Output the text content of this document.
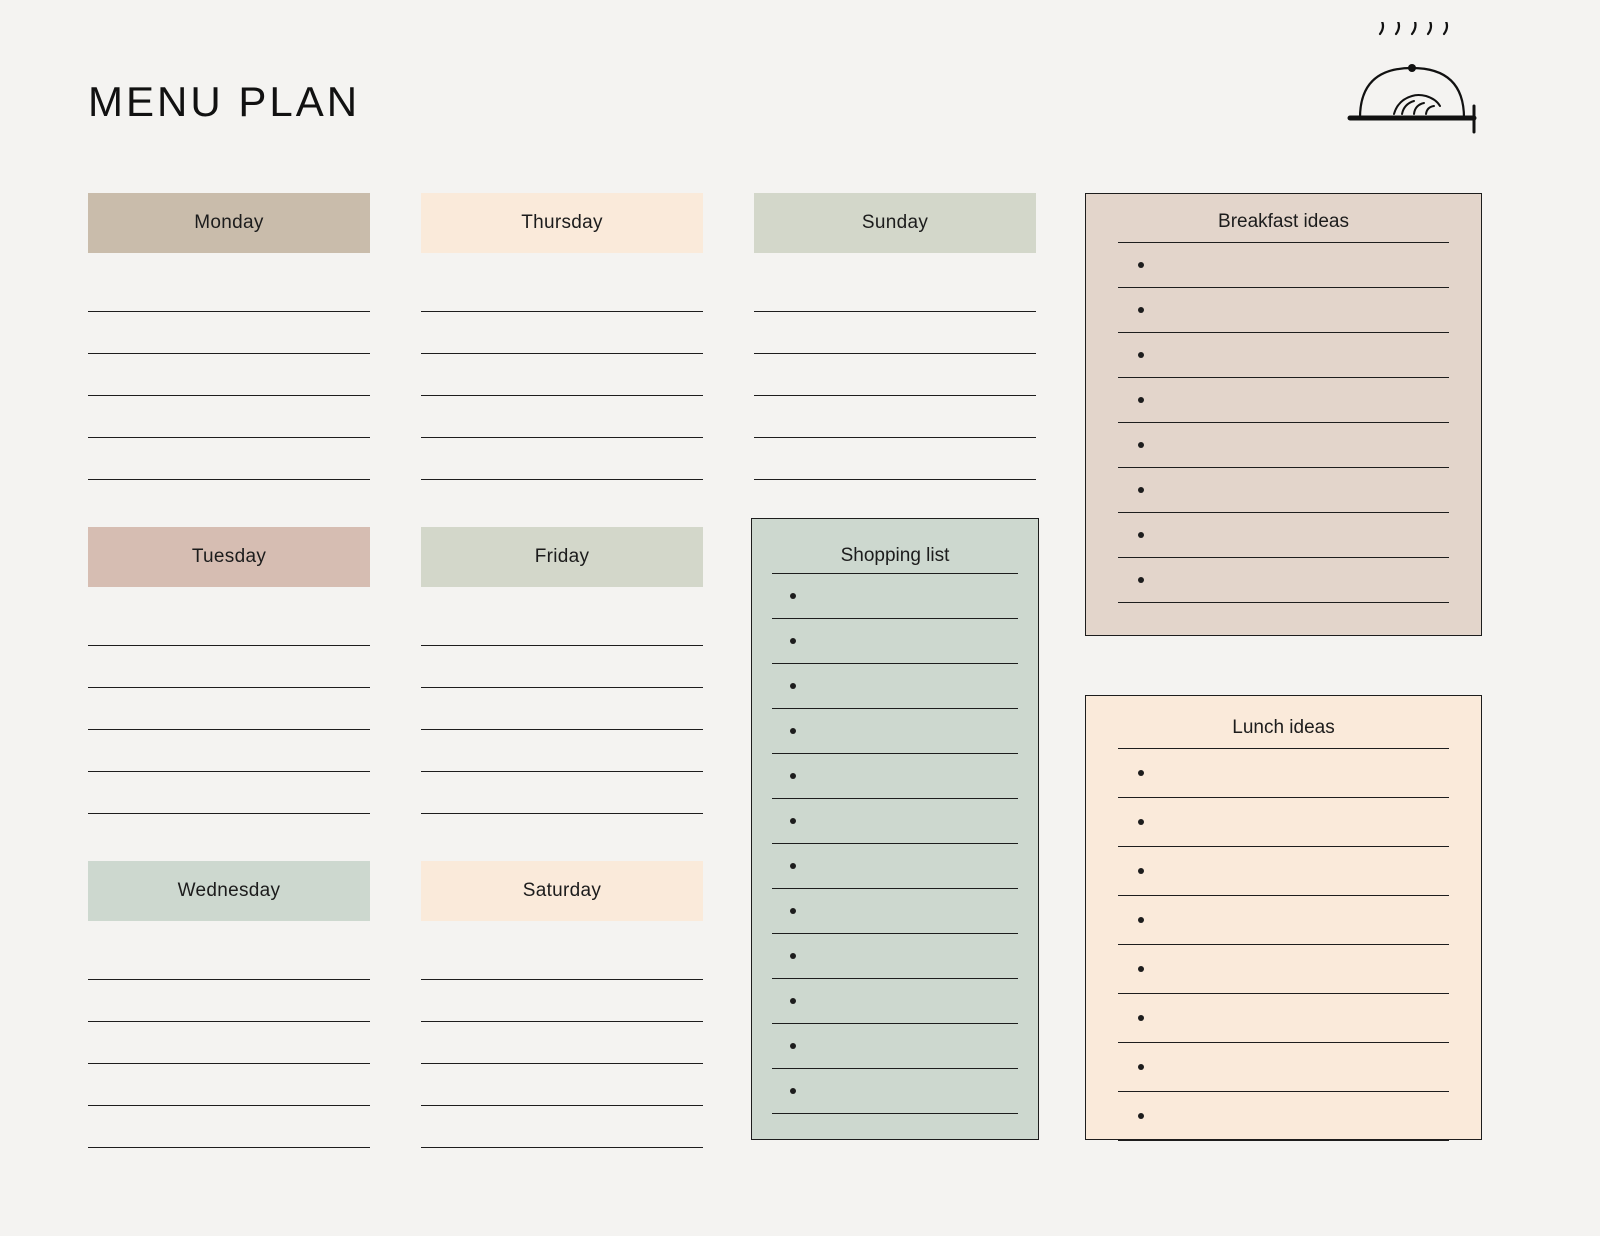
MENU PLAN
Monday
Tuesday
Wednesday
Thursday
Friday
Saturday
Sunday
Shopping list
Breakfast ideas
Lunch ideas
